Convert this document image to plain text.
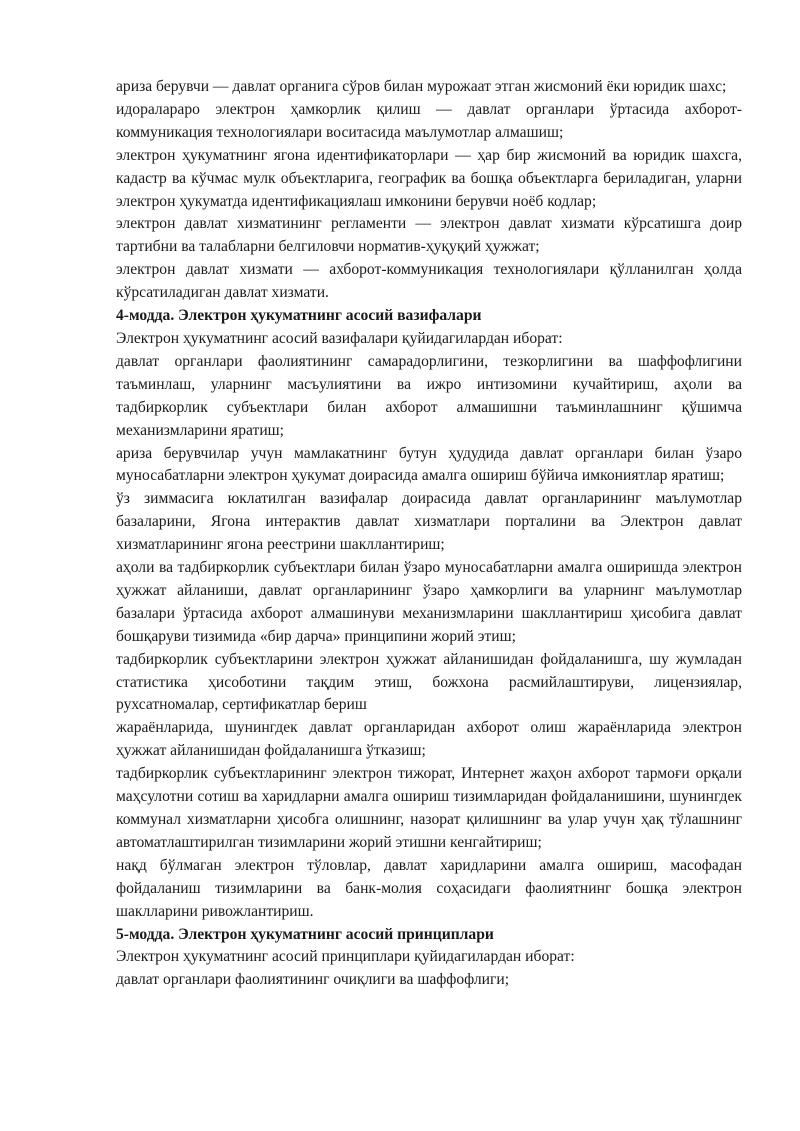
ариза берувчи — давлат органига сўров билан мурожаат этган жисмоний ёки юридик шахс;

идоралараро электрон ҳамкорлик қилиш — давлат органлари ўртасида ахборот-коммуникация технологиялари воситасида маълумотлар алмашиш;

электрон ҳукуматнинг ягона идентификаторлари — ҳар бир жисмоний ва юридик шахсга, кадастр ва кўчмас мулк объектларига, географик ва бошқа объектларга бериладиган, уларни электрон ҳукуматда идентификациялаш имконини берувчи ноёб кодлар;

электрон давлат хизматининг регламенти — электрон давлат хизмати кўрсатишга доир тартибни ва талабларни белгиловчи норматив-ҳуқуқий ҳужжат;

электрон давлат хизмати — ахборот-коммуникация технологиялари қўлланилган ҳолда кўрсатиладиган давлат хизмати.

4-модда. Электрон ҳукуматнинг асосий вазифалари

Электрон ҳукуматнинг асосий вазифалари қуйидагилардан иборат:

давлат органлари фаолиятининг самарадорлигини, тезкорлигини ва шаффофлигини таъминлаш, уларнинг масъулиятини ва ижро интизомини кучайтириш, аҳоли ва тадбиркорлик субъектлари билан ахборот алмашишни таъминлашнинг қўшимча механизмларини яратиш;

ариза берувчилар учун мамлакатнинг бутун ҳудудида давлат органлари билан ўзаро муносабатларни электрон ҳукумат доирасида амалга ошириш бўйича имкониятлар яратиш;

ўз зиммасига юклатилган вазифалар доирасида давлат органларининг маълумотлар базаларини, Ягона интерактив давлат хизматлари порталини ва Электрон давлат хизматларининг ягона реестрини шакллантириш;

аҳоли ва тадбиркорлик субъектлари билан ўзаро муносабатларни амалга оширишда электрон ҳужжат айланиши, давлат органларининг ўзаро ҳамкорлиги ва уларнинг маълумотлар базалари ўртасида ахборот алмашинуви механизмларини шакллантириш ҳисобига давлат бошқаруви тизимида «бир дарча» принципини жорий этиш;

тадбиркорлик субъектларини электрон ҳужжат айланишидан фойдаланишга, шу жумладан статистика ҳисоботини тақдим этиш, божхона расмийлаштируви, лицензиялар, рухсатномалар, сертификатлар бериш

жараёнларида, шунингдек давлат органларидан ахборот олиш жараёнларида электрон ҳужжат айланишидан фойдаланишга ўтказиш;

тадбиркорлик субъектларининг электрон тижорат, Интернет жаҳон ахборот тармоғи орқали маҳсулотни сотиш ва харидларни амалга ошириш тизимларидан фойдаланишини, шунингдек коммунал хизматларни ҳисобга олишнинг, назорат қилишнинг ва улар учун ҳақ тўлашнинг автоматлаштирилган тизимларини жорий этишни кенгайтириш;

нақд бўлмаган электрон тўловлар, давлат харидларини амалга ошириш, масофадан фойдаланиш тизимларини ва банк-молия соҳасидаги фаолиятнинг бошқа электрон шаклларини ривожлантириш.

5-модда. Электрон ҳукуматнинг асосий принциплари

Электрон ҳукуматнинг асосий принциплари қуйидагилардан иборат:

давлат органлари фаолиятининг очиқлиги ва шаффофлиги;
